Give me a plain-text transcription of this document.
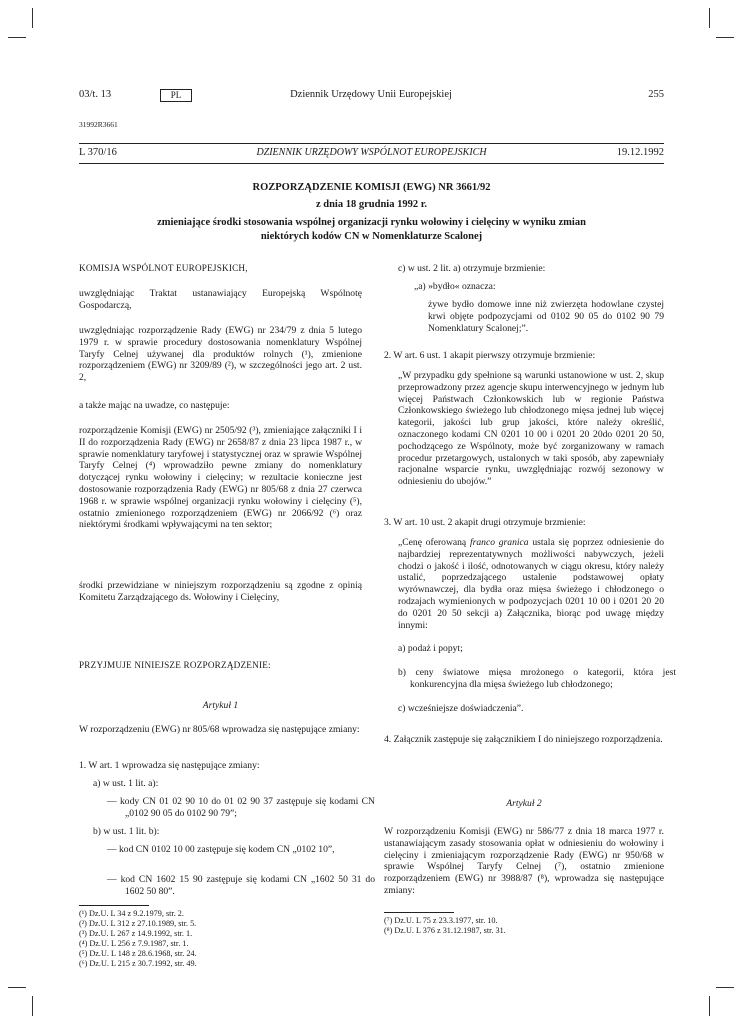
03/t. 13	PL	Dziennik Urzędowy Unii Europejskiej	255
31992R3661
L 370/16	DZIENNIK URZĘDOWY WSPÓLNOT EUROPEJSKICH	19.12.1992
ROZPORZĄDZENIE KOMISJI (EWG) NR 3661/92
z dnia 18 grudnia 1992 r.
zmieniające środki stosowania wspólnej organizacji rynku wołowiny i cielęciny w wyniku zmian
niektórych kodów CN w Nomenklaturze Scalonej
KOMISJA WSPÓLNOT EUROPEJSKICH,
uwzględniając Traktat ustanawiający Europejską Wspólnotę Gospodarczą,
uwzględniając rozporządzenie Rady (EWG) nr 234/79 z dnia 5 lutego 1979 r. w sprawie procedury dostosowania nomenklatury Wspólnej Taryfy Celnej używanej dla produktów rolnych (¹), zmienione rozporządzeniem (EWG) nr 3209/89 (²), w szczególności jego art. 2 ust. 2,
a także mając na uwadze, co następuje:
rozporządzenie Komisji (EWG) nr 2505/92 (³), zmieniające załączniki I i II do rozporządzenia Rady (EWG) nr 2658/87 z dnia 23 lipca 1987 r., w sprawie nomenklatury taryfowej i statystycznej oraz w sprawie Wspólnej Taryfy Celnej (⁴) wprowadziło pewne zmiany do nomenklatury dotyczącej rynku wołowiny i cielęciny; w rezultacie konieczne jest dostosowanie rozporządzenia Rady (EWG) nr 805/68 z dnia 27 czerwca 1968 r. w sprawie wspólnej organizacji rynku wołowiny i cielęciny (⁵), ostatnio zmienionego rozporządzeniem (EWG) nr 2066/92 (⁶) oraz niektórymi środkami wpływającymi na ten sektor;
środki przewidziane w niniejszym rozporządzeniu są zgodne z opinią Komitetu Zarządzającego ds. Wołowiny i Cielęciny,
PRZYJMUJE NINIEJSZE ROZPORZĄDZENIE:
Artykuł 1
W rozporządzeniu (EWG) nr 805/68 wprowadza się następujące zmiany:
1. W art. 1 wprowadza się następujące zmiany:
a) w ust. 1 lit. a):
— kody CN 01 02 90 10 do 01 02 90 37 zastępuje się kodami CN „0102 90 05 do 0102 90 79”;
b) w ust. 1 lit. b):
— kod CN 0102 10 00 zastępuje się kodem CN „0102 10”,
— kod CN 1602 15 90 zastępuje się kodami CN „1602 50 31 do 1602 50 80”.
(¹) Dz.U. L 34 z 9.2.1979, str. 2.
(²) Dz.U. L 312 z 27.10.1989, str. 5.
(³) Dz.U. L 267 z 14.9.1992, str. 1.
(⁴) Dz.U. L 256 z 7.9.1987, str. 1.
(⁵) Dz.U. L 148 z 28.6.1968, str. 24.
(⁶) Dz.U. L 215 z 30.7.1992, str. 49.
c) w ust. 2 lit. a) otrzymuje brzmienie:
„a) »bydło« oznacza:
żywe bydło domowe inne niż zwierzęta hodowlane czystej krwi objęte podpozycjami od 0102 90 05 do 0102 90 79 Nomenklatury Scalonej;”.
2. W art. 6 ust. 1 akapit pierwszy otrzymuje brzmienie:
„W przypadku gdy spełnione są warunki ustanowione w ust. 2, skup przeprowadzony przez agencje skupu interwencyjnego w jednym lub więcej Państwach Członkowskich lub w regionie Państwa Członkowskiego świeżego lub chłodzonego mięsa jednej lub więcej kategorii, jakości lub grup jakości, które należy określić, oznaczonego kodami CN 0201 10 00 i 0201 20 20do 0201 20 50, pochodzącego ze Wspólnoty, może być zorganizowany w ramach procedur przetargowych, ustalonych w taki sposób, aby zapewniały racjonalne wsparcie rynku, uwzględniając rozwój sezonowy w odniesieniu do ubojów.”
3. W art. 10 ust. 2 akapit drugi otrzymuje brzmienie:
„Cenę oferowaną franco granica ustala się poprzez odniesienie do najbardziej reprezentatywnych możliwości nabywczych, jeżeli chodzi o jakość i ilość, odnotowanych w ciągu okresu, który należy ustalić, poprzedzającego ustalenie podstawowej opłaty wyrównawczej, dla bydła oraz mięsa świeżego i chłodzonego o rodzajach wymienionych w podpozycjach 0201 10 00 i 0201 20 20 do 0201 20 50 sekcji a) Załącznika, biorąc pod uwagę między innymi:
a) podaż i popyt;
b) ceny światowe mięsa mrożonego o kategorii, która jest konkurencyjna dla mięsa świeżego lub chłodzonego;
c) wcześniejsze doświadczenia”.
4. Załącznik zastępuje się załącznikiem I do niniejszego rozporządzenia.
Artykuł 2
W rozporządzeniu Komisji (EWG) nr 586/77 z dnia 18 marca 1977 r. ustanawiającym zasady stosowania opłat w odniesieniu do wołowiny i cielęciny i zmieniającym rozporządzenie Rady (EWG) nr 950/68 w sprawie Wspólnej Taryfy Celnej (⁷), ostatnio zmienione rozporządzeniem (EWG) nr 3988/87 (⁸), wprowadza się następujące zmiany:
(⁷) Dz.U. L 75 z 23.3.1977, str. 10.
(⁸) Dz.U. L 376 z 31.12.1987, str. 31.
